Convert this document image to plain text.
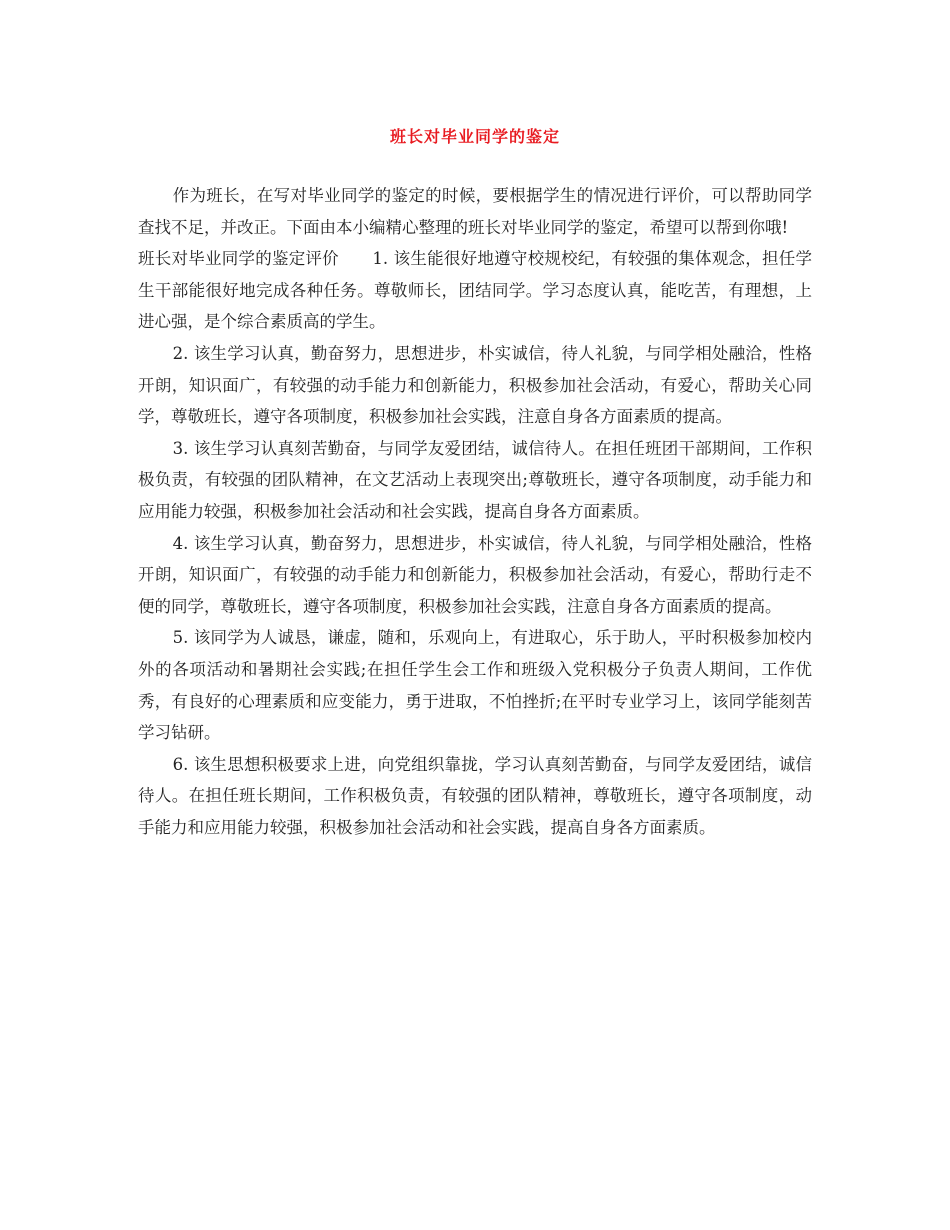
班长对毕业同学的鉴定

作为班长，在写对毕业同学的鉴定的时候，要根据学生的情况进行评价，可以帮助同学查找不足，并改正。下面由本小编精心整理的班长对毕业同学的鉴定，希望可以帮到你哦!

班长对毕业同学的鉴定评价　　1. 该生能很好地遵守校规校纪，有较强的集体观念，担任学生干部能很好地完成各种任务。尊敬师长，团结同学。学习态度认真，能吃苦，有理想，上进心强，是个综合素质高的学生。

2. 该生学习认真，勤奋努力，思想进步，朴实诚信，待人礼貌，与同学相处融洽，性格开朗，知识面广，有较强的动手能力和创新能力，积极参加社会活动，有爱心，帮助关心同学，尊敬班长，遵守各项制度，积极参加社会实践，注意自身各方面素质的提高。

3. 该生学习认真刻苦勤奋，与同学友爱团结，诚信待人。在担任班团干部期间，工作积极负责，有较强的团队精神，在文艺活动上表现突出;尊敬班长，遵守各项制度，动手能力和应用能力较强，积极参加社会活动和社会实践，提高自身各方面素质。

4. 该生学习认真，勤奋努力，思想进步，朴实诚信，待人礼貌，与同学相处融洽，性格开朗，知识面广，有较强的动手能力和创新能力，积极参加社会活动，有爱心，帮助行走不便的同学，尊敬班长，遵守各项制度，积极参加社会实践，注意自身各方面素质的提高。

5. 该同学为人诚恳，谦虚，随和，乐观向上，有进取心，乐于助人，平时积极参加校内外的各项活动和暑期社会实践;在担任学生会工作和班级入党积极分子负责人期间，工作优秀，有良好的心理素质和应变能力，勇于进取，不怕挫折;在平时专业学习上，该同学能刻苦学习钻研。

6. 该生思想积极要求上进，向党组织靠拢，学习认真刻苦勤奋，与同学友爱团结，诚信待人。在担任班长期间，工作积极负责，有较强的团队精神，尊敬班长，遵守各项制度，动手能力和应用能力较强，积极参加社会活动和社会实践，提高自身各方面素质。
